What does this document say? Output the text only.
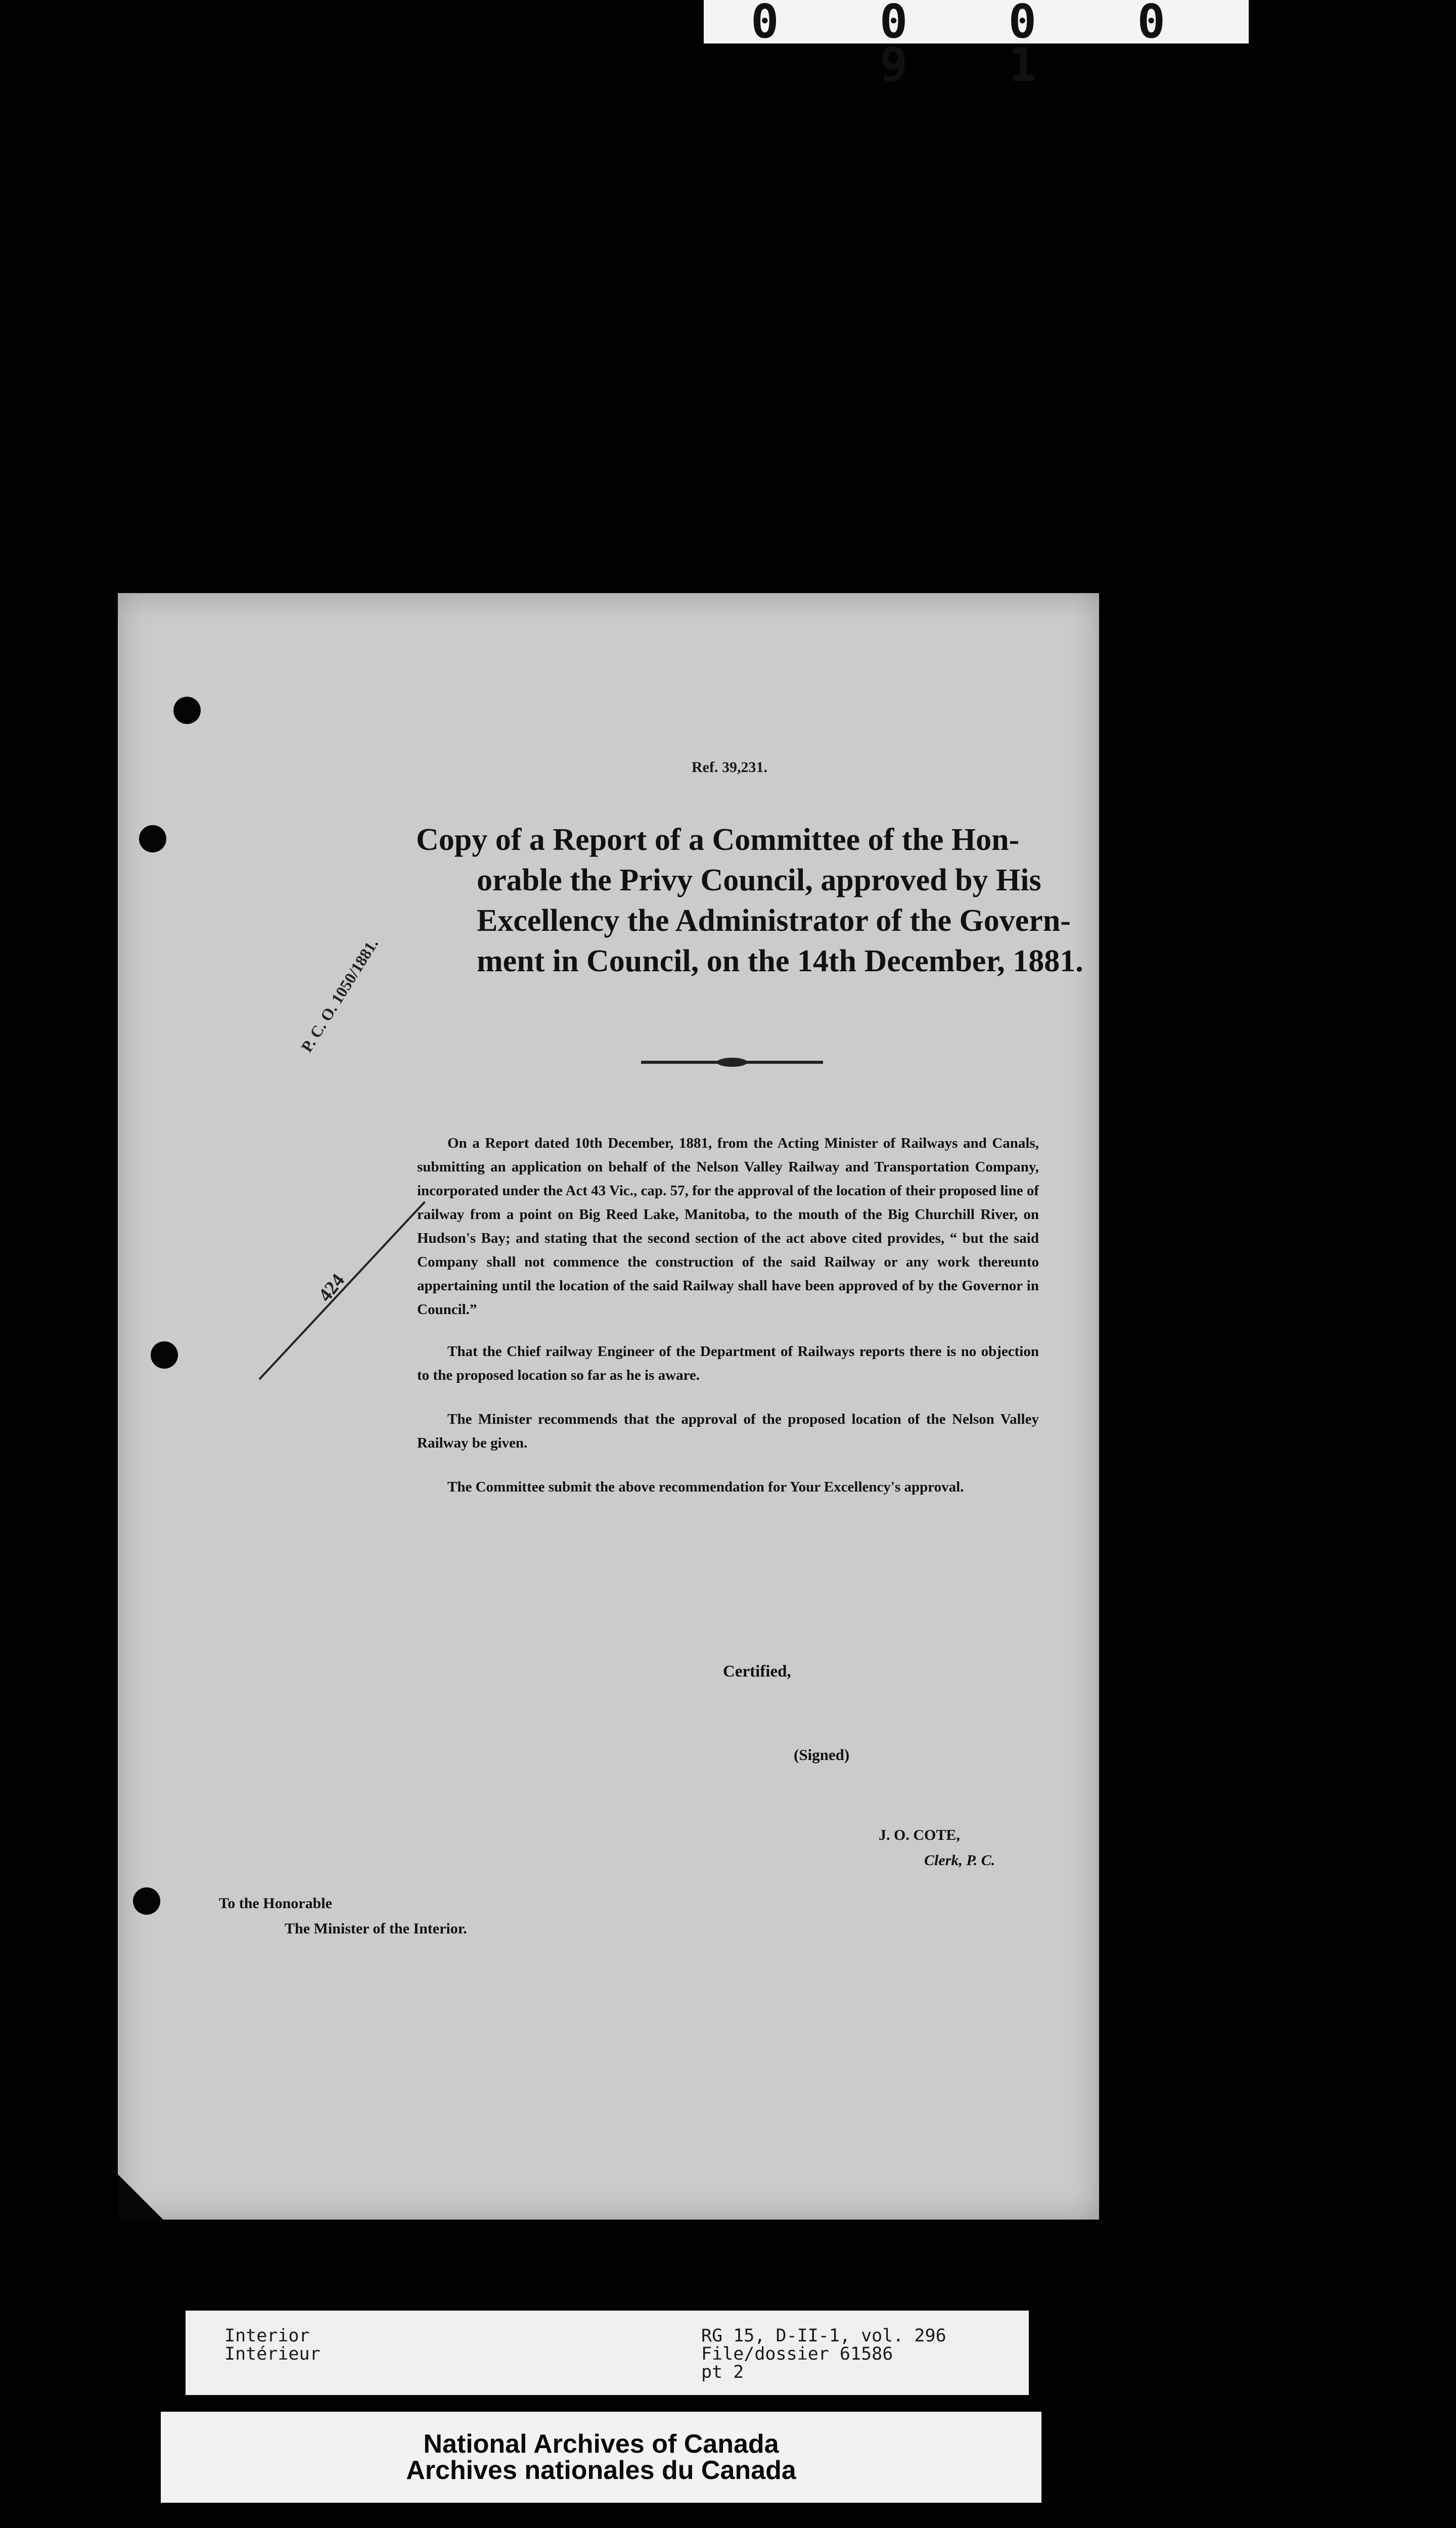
0 0 0 0 9 1
Ref. 39,231.
Copy of a Report of a Committee of the Hon-
orable the Privy Council, approved by His
Excellency the Administrator of the Govern-
ment in Council, on the 14th December, 1881.
P. C. O. 1050/1881.
424

On a Report dated 10th December, 1881, from the Acting Minister of Railways and Canals, submitting an application on behalf of the Nelson Valley Railway and Transportation Company, incorporated under the Act 43 Vic., cap. 57, for the approval of the location of their proposed line of railway from a point on Big Reed Lake, Manitoba, to the mouth of the Big Churchill River, on Hudson's Bay; and stating that the second section of the act above cited provides, “ but the said Company shall not commence the construction of the said Railway or any work thereunto appertaining until the location of the said Railway shall have been approved of by the Governor in Council.”

That the Chief railway Engineer of the Department of Railways reports there is no objection to the proposed location so far as he is aware.

The Minister recommends that the approval of the proposed location of the Nelson Valley Railway be given.

The Committee submit the above recommendation for Your Excellency's approval.

Certified,
(Signed)
J. O. COTE,
Clerk, P. C.
To the Honorable
The Minister of the Interior.
Interior
Intérieur
RG 15, D-II-1, vol. 296
File/dossier 61586
pt 2
National Archives of Canada
Archives nationales du Canada
